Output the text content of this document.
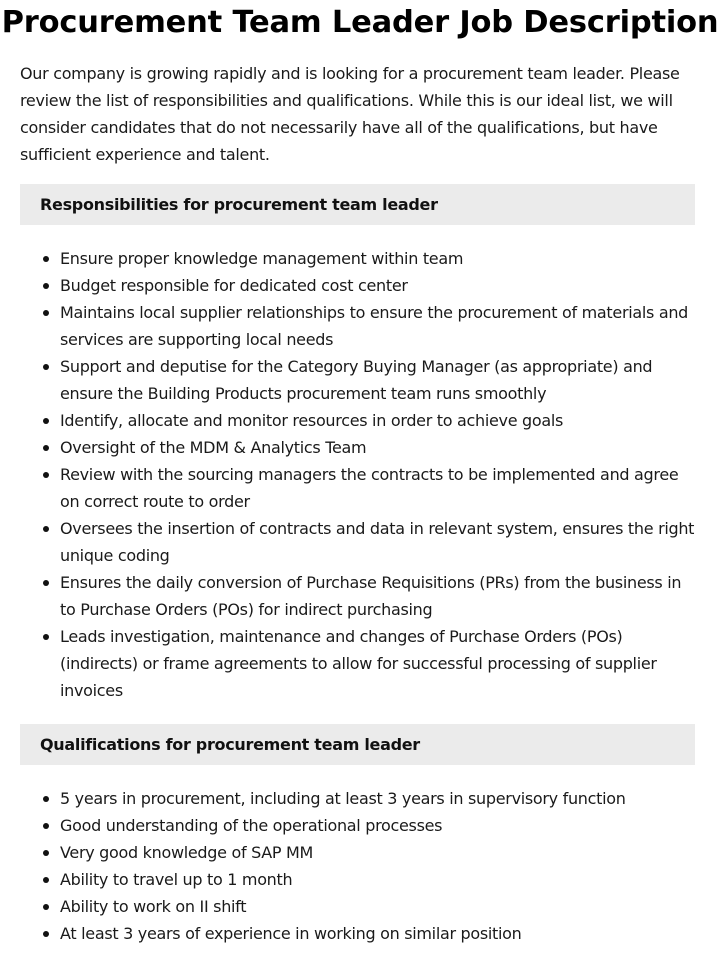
Procurement Team Leader Job Description

Our company is growing rapidly and is looking for a procurement team leader. Please review the list of responsibilities and qualifications. While this is our ideal list, we will consider candidates that do not necessarily have all of the qualifications, but have sufficient experience and talent.

Responsibilities for procurement team leader
Ensure proper knowledge management within team
Budget responsible for dedicated cost center
Maintains local supplier relationships to ensure the procurement of materials and services are supporting local needs
Support and deputise for the Category Buying Manager (as appropriate) and ensure the Building Products procurement team runs smoothly
Identify, allocate and monitor resources in order to achieve goals
Oversight of the MDM & Analytics Team
Review with the sourcing managers the contracts to be implemented and agree on correct route to order
Oversees the insertion of contracts and data in relevant system, ensures the right unique coding
Ensures the daily conversion of Purchase Requisitions (PRs) from the business in to Purchase Orders (POs) for indirect purchasing
Leads investigation, maintenance and changes of Purchase Orders (POs) (indirects) or frame agreements to allow for successful processing of supplier invoices
Qualifications for procurement team leader
5 years in procurement, including at least 3 years in supervisory function
Good understanding of the operational processes
Very good knowledge of SAP MM
Ability to travel up to 1 month
Ability to work on II shift
At least 3 years of experience in working on similar position
